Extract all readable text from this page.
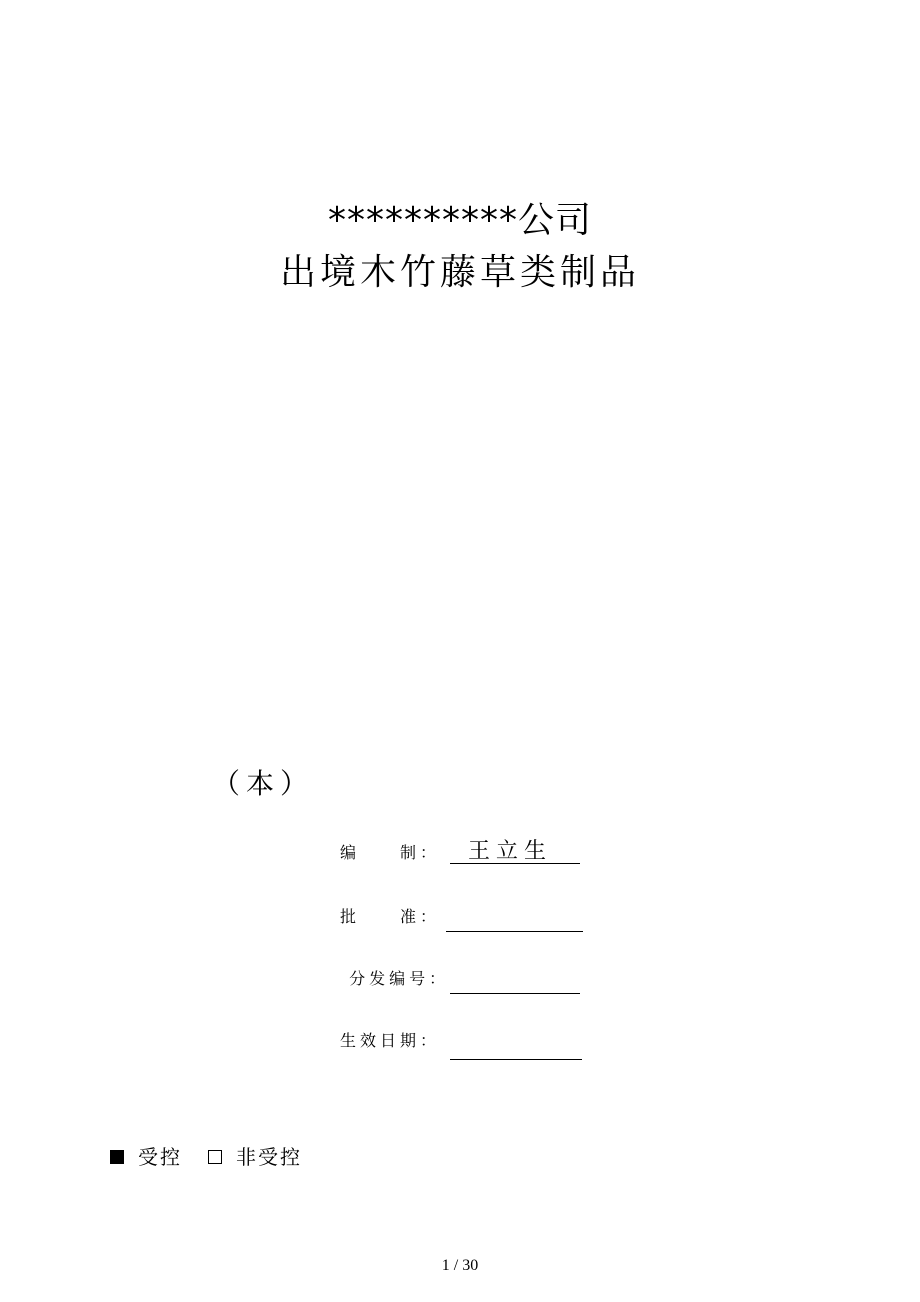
**********公司
出境木竹藤草类制品
（本）
编　　制：	王立生
批　　准：
分发编号：
生效日期：
受控	非受控
1 / 30
